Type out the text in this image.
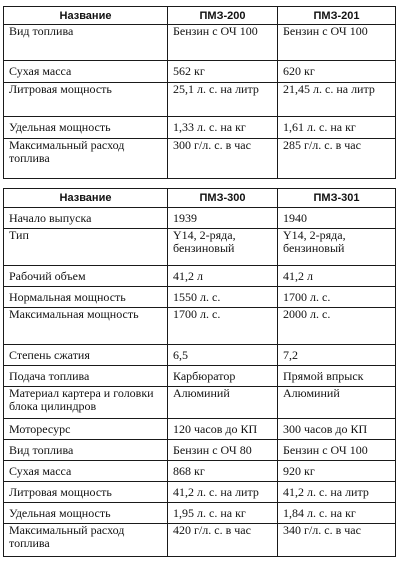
Название	ПМЗ-200	ПМЗ-201
Вид топлива	Бензин с ОЧ 100	Бензин с ОЧ 100
Сухая масса	562 кг	620 кг
Литровая мощность	25,1 л. с. на литр	21,45 л. с. на литр
Удельная мощность	1,33 л. с. на кг	1,61 л. с. на кг
Максимальный расход топлива	300 г/л. с. в час	285 г/л. с. в час
Название	ПМЗ-300	ПМЗ-301
Начало выпуска	1939	1940
Тип	Y14, 2-ряда, бензиновый	Y14, 2-ряда, бензиновый
Рабочий объем	41,2 л	41,2 л
Нормальная мощность	1550 л. с.	1700 л. с.
Максимальная мощность	1700 л. с.	2000 л. с.
Степень сжатия	6,5	7,2
Подача топлива	Карбюратор	Прямой впрыск
Материал картера и головки блока цилиндров	Алюминий	Алюминий
Моторесурс	120 часов до КП	300 часов до КП
Вид топлива	Бензин с ОЧ 80	Бензин с ОЧ 100
Сухая масса	868 кг	920 кг
Литровая мощность	41,2 л. с. на литр	41,2 л. с. на литр
Удельная мощность	1,95 л. с. на кг	1,84 л. с. на кг
Максимальный расход топлива	420 г/л. с. в час	340 г/л. с. в час
